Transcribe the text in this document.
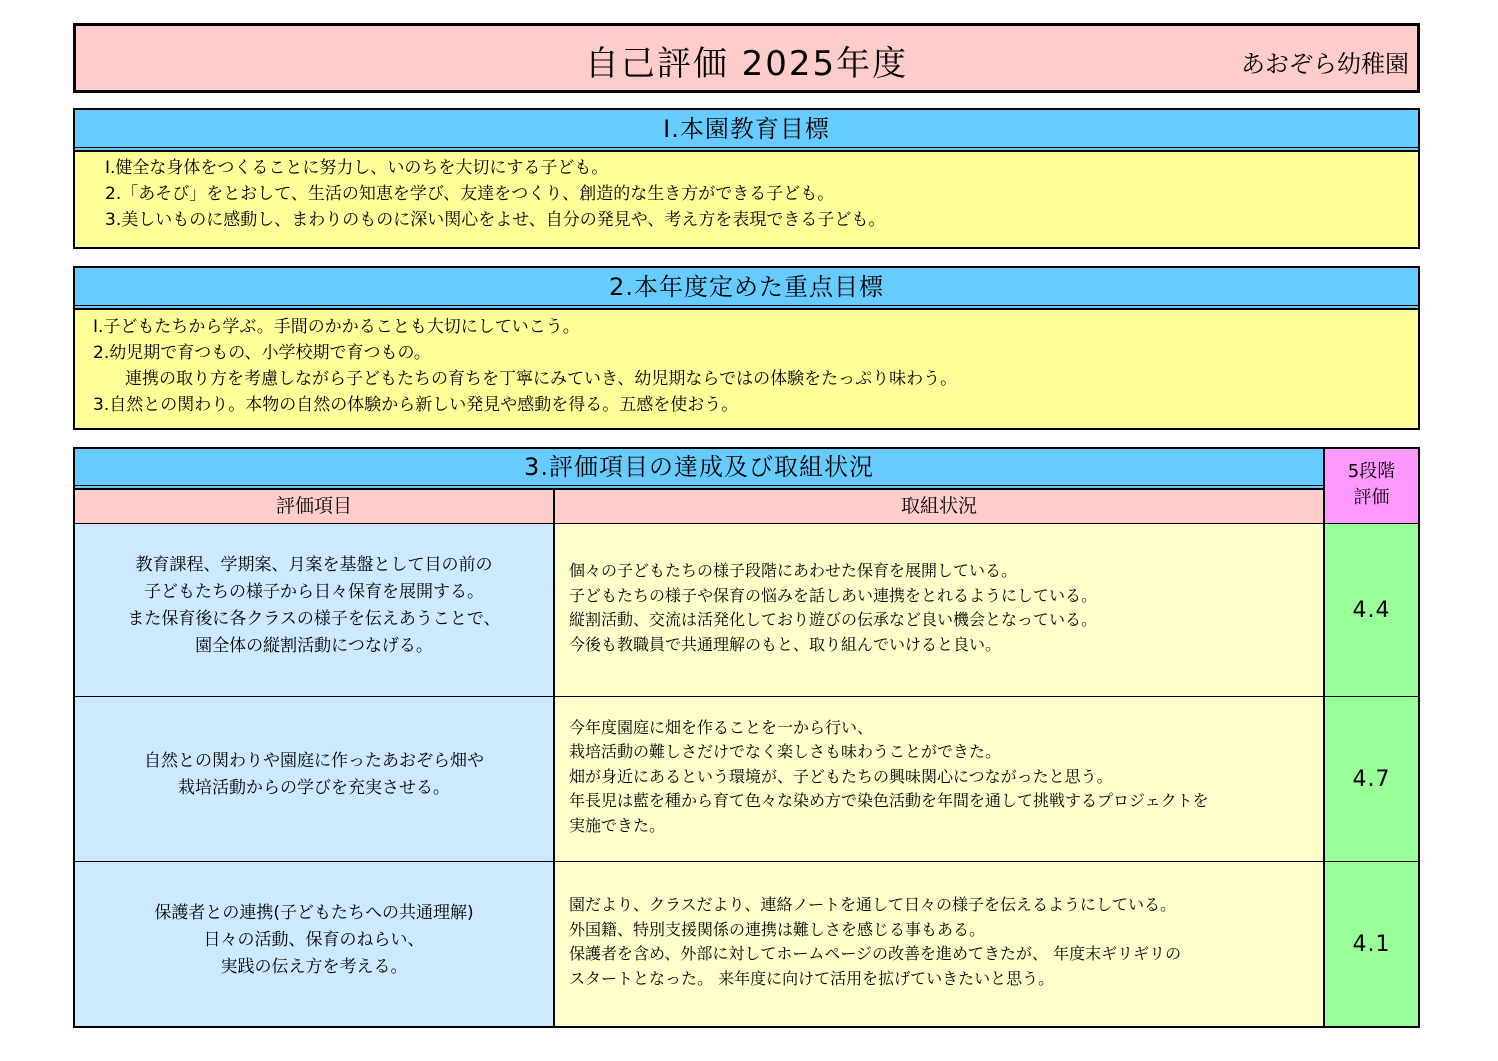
自己評価 2025年度	あおぞら幼稚園
Ⅰ.本園教育目標
Ⅰ.健全な身体をつくることに努力し、いのちを大切にする子ども。
2.「あそび」をとおして、生活の知恵を学び、友達をつくり、創造的な生き方ができる子ども。
3.美しいものに感動し、まわりのものに深い関心をよせ、自分の発見や、考え方を表現できる子ども。
2.本年度定めた重点目標
Ⅰ.子どもたちから学ぶ。手間のかかることも大切にしていこう。
2.幼児期で育つもの、小学校期で育つもの。
連携の取り方を考慮しながら子どもたちの育ちを丁寧にみていき、幼児期ならではの体験をたっぷり味わう。
3.自然との関わり。本物の自然の体験から新しい発見や感動を得る。五感を使おう。
3.評価項目の達成及び取組状況
評価項目	取組状況
5段階
評価
教育課程、学期案、月案を基盤として目の前の
子どもたちの様子から日々保育を展開する。
また保育後に各クラスの様子を伝えあうことで、
園全体の縦割活動につなげる。
個々の子どもたちの様子段階にあわせた保育を展開している。
子どもたちの様子や保育の悩みを話しあい連携をとれるようにしている。
縦割活動、交流は活発化しており遊びの伝承など良い機会となっている。
今後も教職員で共通理解のもと、取り組んでいけると良い。
4.4
自然との関わりや園庭に作ったあおぞら畑や
栽培活動からの学びを充実させる。
今年度園庭に畑を作ることを一から行い、
栽培活動の難しさだけでなく楽しさも味わうことができた。
畑が身近にあるという環境が、子どもたちの興味関心につながったと思う。
年長児は藍を種から育て色々な染め方で染色活動を年間を通して挑戦するプロジェクトを
実施できた。
4.7
保護者との連携(子どもたちへの共通理解)
日々の活動、保育のねらい、
実践の伝え方を考える。
園だより、クラスだより、連絡ノートを通して日々の様子を伝えるようにしている。
外国籍、特別支援関係の連携は難しさを感じる事もある。
保護者を含め、外部に対してホームページの改善を進めてきたが、 年度末ギリギリの
スタートとなった。 来年度に向けて活用を拡げていきたいと思う。
4.1
